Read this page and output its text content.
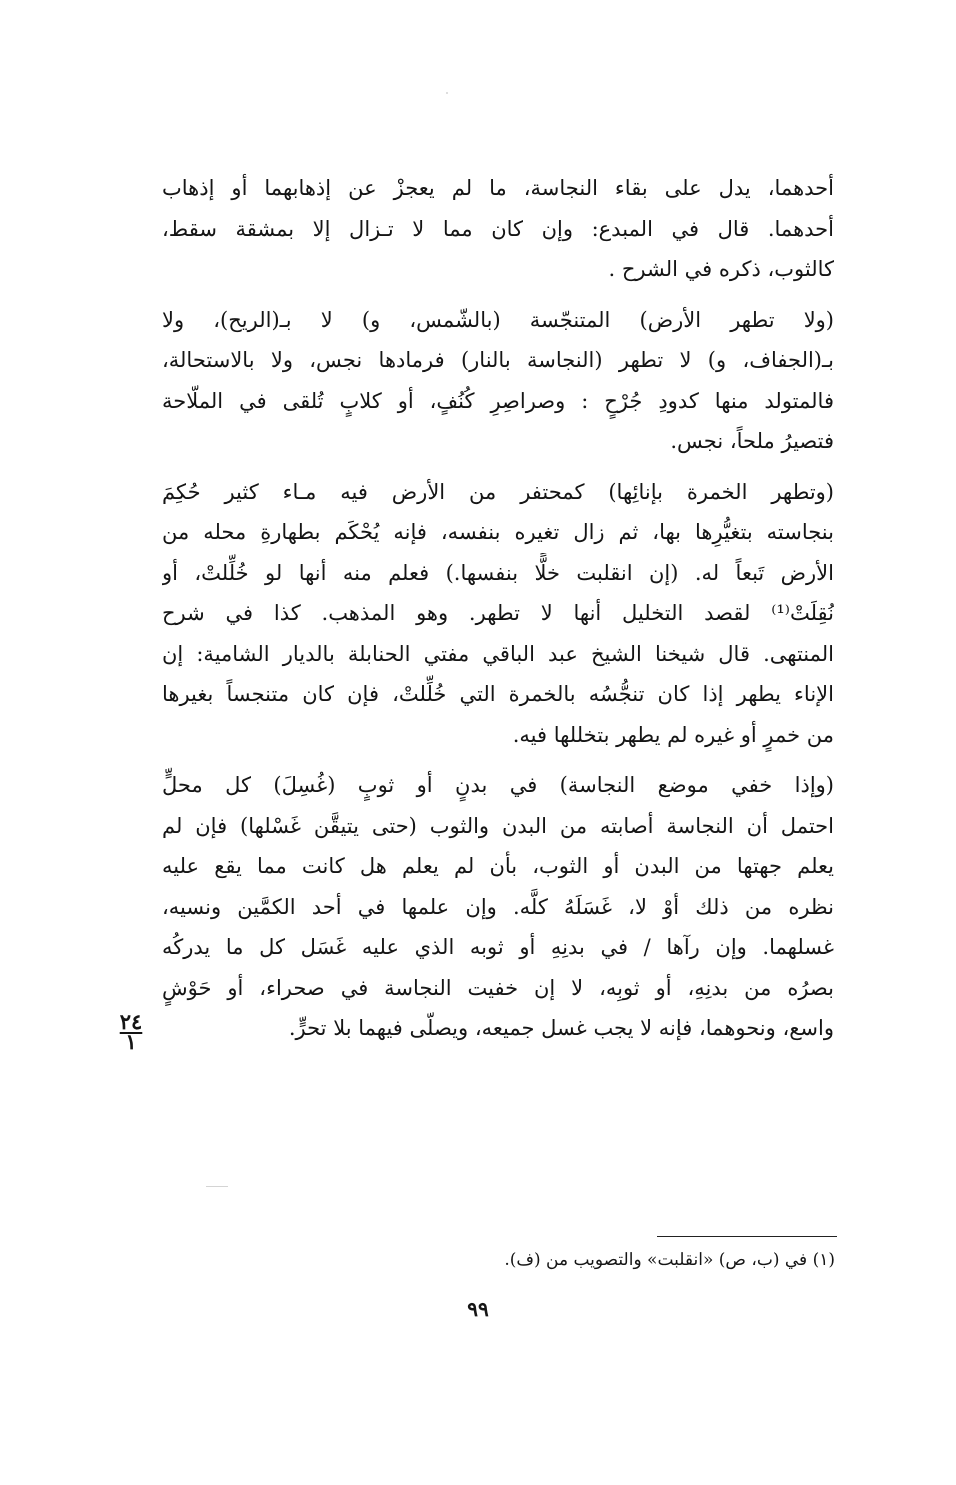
أحدهما، يدل على بقاء النجاسة، ما لم يعجزْ عن إذهابهما أو إذهاب
أحدهما. قال في المبدع: وإن كان مما لا تـزال إلا بمشقة سقط،
كالثوب، ذكره في الشرح .
(ولا تطهر الأرض) المتنجّسة (بالشّمس، و) لا بـ(الريح)، ولا
بـ(الجفاف، و) لا تطهر (النجاسة بالنار) فرمادها نجس، ولا بالاستحالة،
فالمتولد منها كدودِ جُرْحٍ : وصراصِرِ كُنُفٍ، أو كلابٍ تُلقى في الملّاحة
فتصيرُ ملحاً، نجس.
(وتطهر الخمرة بإنائِها) كمحتفر من الأرض فيه مـاء كثير حُكِمَ
بنجاسته بتغيُّرِها بها، ثم زال تغيره بنفسه، فإنه يُحْكَم بطهارةِ محله من
الأرض تَبعاً له. (إن انقلبت خلًّا بنفسها.) فعلم منه أنها لو خُلِّلتْ، أو
نُقِلَتْ⁽¹⁾ لقصد التخليل أنها لا تطهر. وهو المذهب. كذا في شرح
المنتهى. قال شيخنا الشيخ عبد الباقي مفتي الحنابلة بالديار الشامية: إن
الإناء يطهر إذا كان تنجُّسُه بالخمرة التي خُلِّلتْ، فإن كان متنجساً بغيرها
من خمرٍ أو غيره لم يطهر بتخللها فيه.
(وإذا خفي موضع النجاسة) في بدنٍ أو ثوبٍ (غُسِلَ) كل محلٍّ
احتمل أن النجاسة أصابته من البدن والثوب (حتى يتيقَّن غَسْلها) فإن لم
يعلم جهتها من البدن أو الثوب، بأن لم يعلم هل كانت مما يقع عليه
نظره من ذلك أوْ لا، غَسَلَهُ كلَّه. وإن علمها في أحد الكمَّين ونسيه،
غسلهما. وإن رآها / في بدنِهِ أو ثوبه الذي عليه غَسَل كل ما يدركُه
بصرُه من بدنِهِ، أو ثوبِه، لا إن خفيت النجاسة في صحراء، أو حَوْشٍ
واسع، ونحوهما، فإنه لا يجب غسل جميعه، ويصلّى فيهما بلا تحرٍّ.
٢٤
١
(١) في (ب، ص) «انقلبت» والتصويب من (ف).
٩٩
